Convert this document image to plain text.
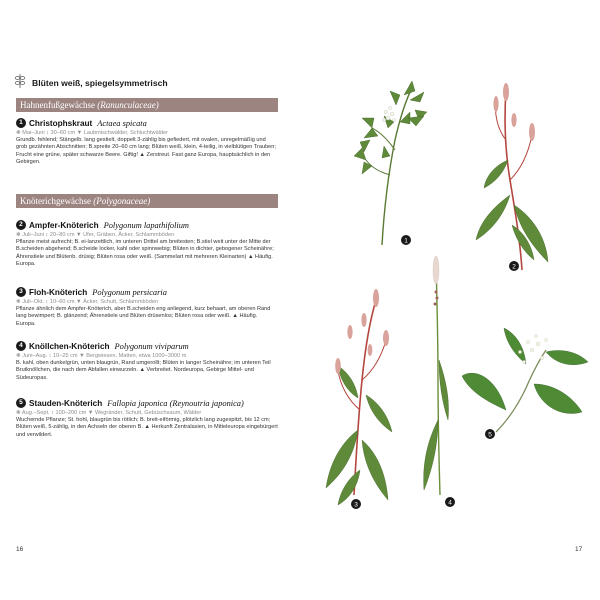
Blüten weiß, spiegelsymmetrisch
Hahnenfußgewächse (Ranunculaceae)
1 Christophskraut Actaea spicata
❋ Mai–Juni ↕ 30–60 cm ▼ Laubmischwälder, Schluchtwälder
Grundb. fehlend; Stängelb. lang gestielt, doppelt 3-zählig bis gefiedert, mit ovalen, unregelmäßig und grob gezähnten Abschnitten; B.spreite 20–60 cm lang; Blüten weiß, klein, 4-teilig, in vielblütigen Trauben; Frucht eine grüne, später schwarze Beere. Giftig! ▲ Zerstreut. Fast ganz Europa, hauptsächlich in den Gebirgen.
Knöterichgewächse (Polygonaceae)
2 Ampfer-Knöterich Polygonum lapathifolium
❋ Juli–Juni ↕ 20–80 cm ▼ Ufer, Gräben, Äcker, Schlammböden
Pflanze meist aufrecht; B. ei-lanzettlich, im unteren Drittel am breitesten; B.stiel weit unter der Mitte der B.scheiden abgehend; B.scheide locker, kahl oder spinnwebig; Blüten in dichter, gebogener Scheinähre; Ährenstiele und Blütenb. drüsig; Blüten rosa oder weiß. (Sammelart mit mehreren Kleinarten) ▲ Häufig. Europa.
3 Floh-Knöterich Polygonum persicaria
❋ Juli–Okt. ↕ 10–60 cm ▼ Äcker, Schutt, Schlammböden
Pflanze ähnlich dem Ampfer-Knöterich, aber B.scheiden eng anliegend, kurz behaart, am oberen Rand lang bewimpert; B. glänzend; Ährenstiele und Blüten drüsenlos; Blüten rosa oder weiß. ▲ Häufig. Europa.
4 Knöllchen-Knöterich Polygonum viviparum
❋ Juni–Aug. ↕ 10–25 cm ▼ Bergwiesen, Matten, etwa 1000–3000 m
B. kahl, oben dunkelgrün, unten blaugrün, Rand umgerollt; Blüten in langer Scheinähre; im unteren Teil Brutknöllchen, die nach dem Abfallen einwurzeln. ▲ Verbreitet. Nordeuropa, Gebirge Mittel- und Südeuropas.
5 Stauden-Knöterich Fallopia japonica (Reynoutria japonica)
❋ Aug.–Sept. ↕ 100–200 cm ▼ Wegränder, Schutt, Gebüschsaum, Wälder
Wuchernde Pflanze; St. hohl, blaugrün bis rötlich; B. breit-eiförmig, plötzlich lang zugespitzt, bis 12 cm; Blüten weiß, 5-zählig, in den Achseln der oberen B. ▲ Herkunft Zentralasien, in Mitteleuropa eingebürgert und verwildert.
16
1
2
3	4
5
17
